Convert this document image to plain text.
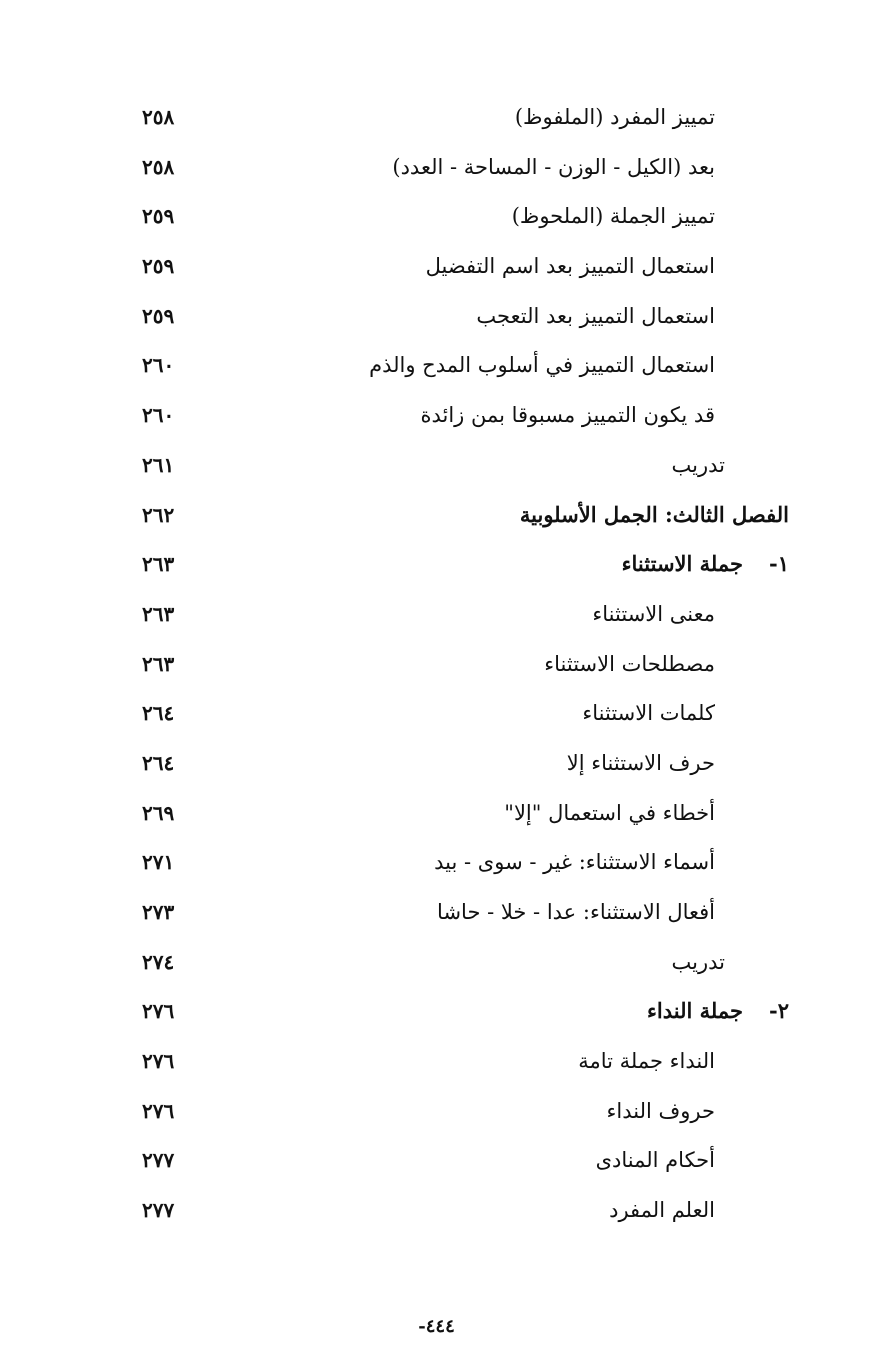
تمييز المفرد (الملفوظ)
٢٥٨
بعد (الكيل - الوزن - المساحة - العدد)
٢٥٨
تمييز الجملة (الملحوظ)
٢٥٩
استعمال التمييز بعد اسم التفضيل
٢٥٩
استعمال التمييز بعد التعجب
٢٥٩
استعمال التمييز في أسلوب المدح والذم
٢٦٠
قد يكون التمييز مسبوقا بمن زائدة
٢٦٠
تدريب
٢٦١
الفصل الثالث: الجمل الأسلوبية
٢٦٢
١-جملة الاستثناء
٢٦٣
معنى الاستثناء
٢٦٣
مصطلحات الاستثناء
٢٦٣
كلمات الاستثناء
٢٦٤
حرف الاستثناء إلا
٢٦٤
أخطاء في استعمال "إلا"
٢٦٩
أسماء الاستثناء: غير - سوى - بيد
٢٧١
أفعال الاستثناء: عدا - خلا - حاشا
٢٧٣
تدريب
٢٧٤
٢-جملة النداء
٢٧٦
النداء جملة تامة
٢٧٦
حروف النداء
٢٧٦
أحكام المنادى
٢٧٧
العلم المفرد
٢٧٧
-٤٤٤
